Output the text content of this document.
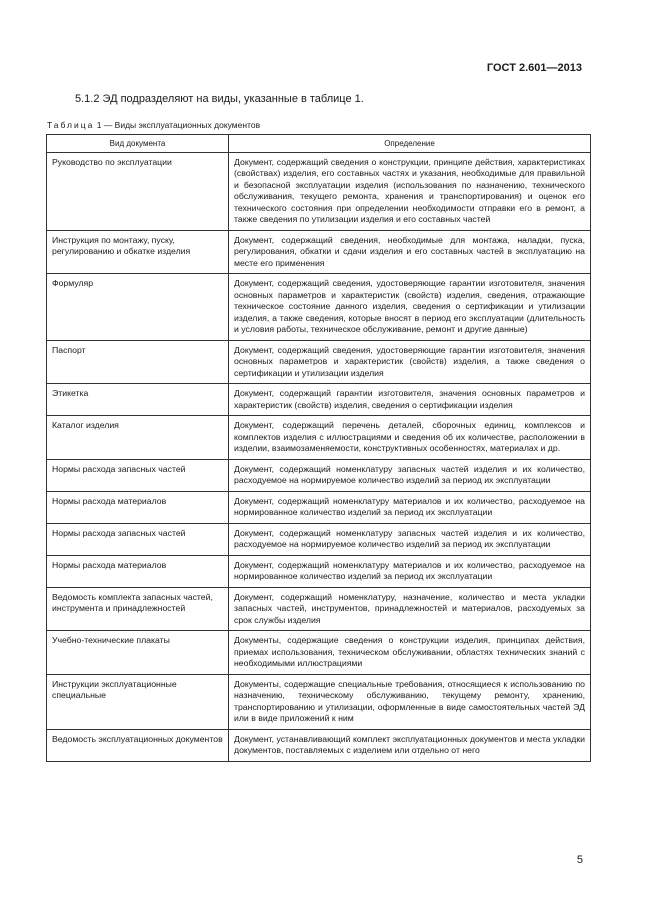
ГОСТ 2.601—2013
5.1.2 ЭД подразделяют на виды, указанные в таблице 1.
Таблица 1 — Виды эксплуатационных документов
Вид документа	Определение
Руководство по эксплуатации	Документ, содержащий сведения о конструкции, принципе действия, характеристиках (свойствах) изделия, его составных частях и указания, необходимые для правильной и безопасной эксплуатации изделия (использования по назначению, технического обслуживания, текущего ремонта, хранения и транспортирования) и оценок его технического состояния при определении необходимости отправки его в ремонт, а также сведения по утилизации изделия и его составных частей
Инструкция по монтажу, пуску, регулированию и обкатке изделия	Документ, содержащий сведения, необходимые для монтажа, наладки, пуска, регулирования, обкатки и сдачи изделия и его составных частей в эксплуатацию на месте его применения
Формуляр	Документ, содержащий сведения, удостоверяющие гарантии изготовителя, значения основных параметров и характеристик (свойств) изделия, сведения, отражающие техническое состояние данного изделия, сведения о сертификации и утилизации изделия, а также сведения, которые вносят в период его эксплуатации (длительность и условия работы, техническое обслуживание, ремонт и другие данные)
Паспорт	Документ, содержащий сведения, удостоверяющие гарантии изготовителя, значения основных параметров и характеристик (свойств) изделия, а также сведения о сертификации и утилизации изделия
Этикетка	Документ, содержащий гарантии изготовителя, значения основных параметров и характеристик (свойств) изделия, сведения о сертификации изделия
Каталог изделия	Документ, содержащий перечень деталей, сборочных единиц, комплексов и комплектов изделия с иллюстрациями и сведения об их количестве, расположении в изделии, взаимозаменяемости, конструктивных особенностях, материалах и др.
Нормы расхода запасных частей	Документ, содержащий номенклатуру запасных частей изделия и их количество, расходуемое на нормируемое количество изделий за период их эксплуатации
Нормы расхода материалов	Документ, содержащий номенклатуру материалов и их количество, расходуемое на нормированное количество изделий за период их эксплуатации
Нормы расхода запасных частей	Документ, содержащий номенклатуру запасных частей изделия и их количество, расходуемое на нормируемое количество изделий за период их эксплуатации
Нормы расхода материалов	Документ, содержащий номенклатуру материалов и их количество, расходуемое на нормированное количество изделий за период их эксплуатации
Ведомость комплекта запасных частей, инструмента и принадлежностей	Документ, содержащий номенклатуру, назначение, количество и места укладки запасных частей, инструментов, принадлежностей и материалов, расходуемых за срок службы изделия
Учебно-технические плакаты	Документы, содержащие сведения о конструкции изделия, принципах действия, приемах использования, техническом обслуживании, областях технических знаний с необходимыми иллюстрациями
Инструкции эксплуатационные специальные	Документы, содержащие специальные требования, относящиеся к использованию по назначению, техническому обслуживанию, текущему ремонту, хранению, транспортированию и утилизации, оформленные в виде самостоятельных частей ЭД или в виде приложений к ним
Ведомость эксплуатационных документов	Документ, устанавливающий комплект эксплуатационных документов и места укладки документов, поставляемых с изделием или отдельно от него
5
